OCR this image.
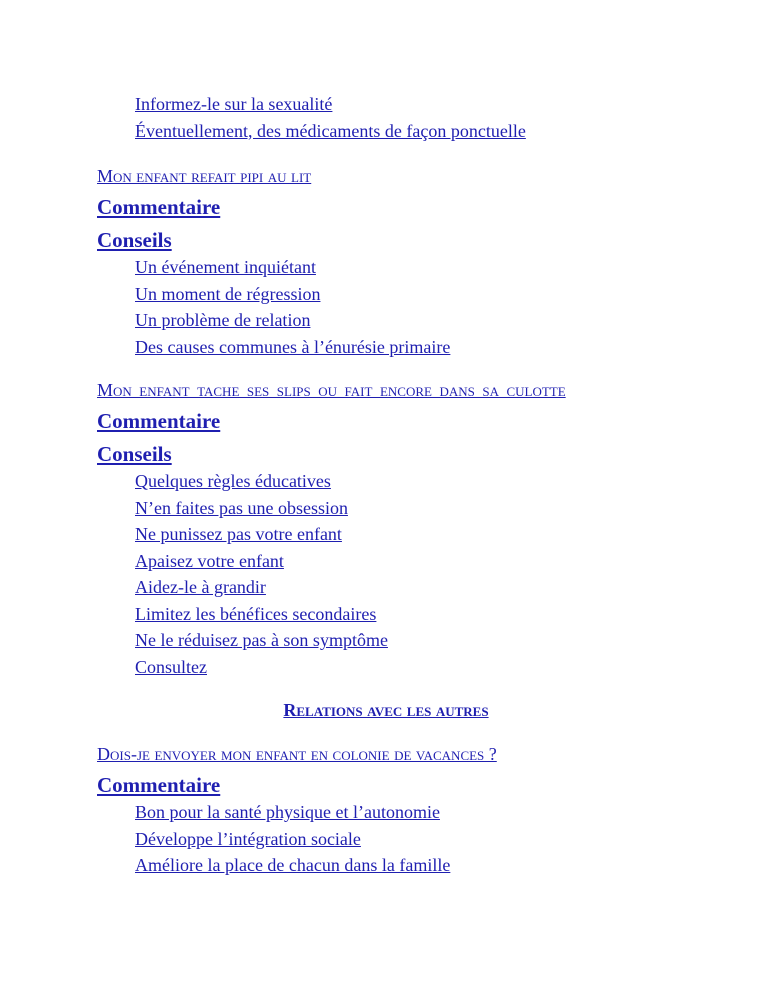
Informez-le sur la sexualité
Éventuellement, des médicaments de façon ponctuelle
Mon enfant refait pipi au lit
Commentaire
Conseils
Un événement inquiétant
Un moment de régression
Un problème de relation
Des causes communes à l’énurésie primaire
Mon enfant tache ses slips ou fait encore dans sa culotte
Commentaire
Conseils
Quelques règles éducatives
N’en faites pas une obsession
Ne punissez pas votre enfant
Apaisez votre enfant
Aidez-le à grandir
Limitez les bénéfices secondaires
Ne le réduisez pas à son symptôme
Consultez
Relations avec les autres
Dois-je envoyer mon enfant en colonie de vacances ?
Commentaire
Bon pour la santé physique et l’autonomie
Développe l’intégration sociale
Améliore la place de chacun dans la famille
